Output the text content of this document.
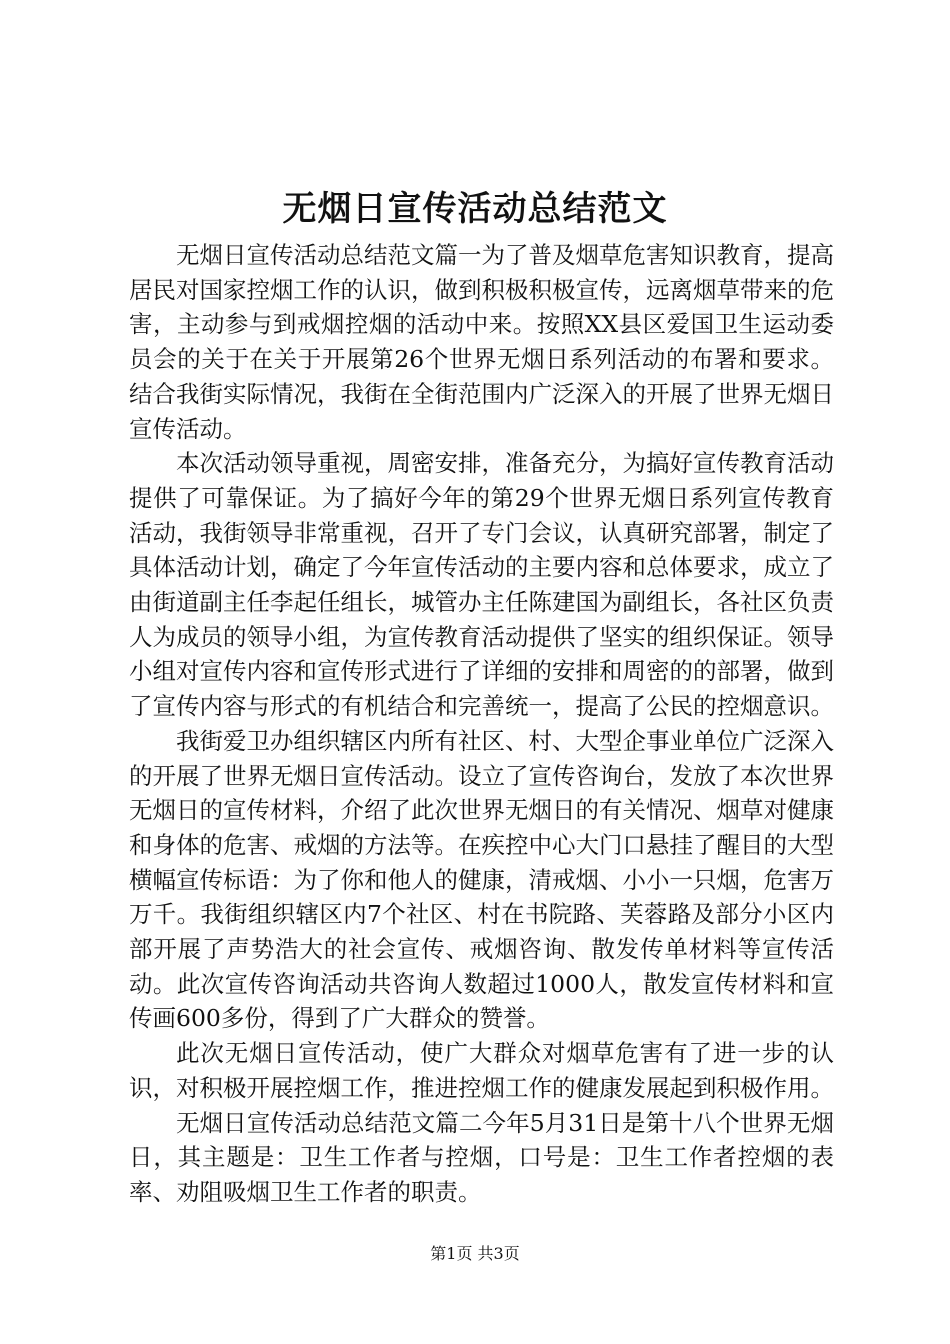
无烟日宣传活动总结范文

无烟日宣传活动总结范文篇一为了普及烟草危害知识教育，提高居民对国家控烟工作的认识，做到积极积极宣传，远离烟草带来的危害，主动参与到戒烟控烟的活动中来。按照XX县区爱国卫生运动委员会的关于在关于开展第26个世界无烟日系列活动的布署和要求。结合我街实际情况，我街在全街范围内广泛深入的开展了世界无烟日宣传活动。

本次活动领导重视，周密安排，准备充分，为搞好宣传教育活动提供了可靠保证。为了搞好今年的第29个世界无烟日系列宣传教育活动，我街领导非常重视，召开了专门会议，认真研究部署，制定了具体活动计划，确定了今年宣传活动的主要内容和总体要求，成立了由街道副主任李起任组长，城管办主任陈建国为副组长，各社区负责人为成员的领导小组，为宣传教育活动提供了坚实的组织保证。领导小组对宣传内容和宣传形式进行了详细的安排和周密的的部署，做到了宣传内容与形式的有机结合和完善统一，提高了公民的控烟意识。

我街爱卫办组织辖区内所有社区、村、大型企事业单位广泛深入的开展了世界无烟日宣传活动。设立了宣传咨询台，发放了本次世界无烟日的宣传材料，介绍了此次世界无烟日的有关情况、烟草对健康和身体的危害、戒烟的方法等。在疾控中心大门口悬挂了醒目的大型横幅宣传标语：为了你和他人的健康，清戒烟、小小一只烟，危害万万千。我街组织辖区内7个社区、村在书院路、芙蓉路及部分小区内部开展了声势浩大的社会宣传、戒烟咨询、散发传单材料等宣传活动。此次宣传咨询活动共咨询人数超过1000人，散发宣传材料和宣传画600多份，得到了广大群众的赞誉。

此次无烟日宣传活动，使广大群众对烟草危害有了进一步的认识，对积极开展控烟工作，推进控烟工作的健康发展起到积极作用。

无烟日宣传活动总结范文篇二今年5月31日是第十八个世界无烟日，其主题是：卫生工作者与控烟，口号是：卫生工作者控烟的表率、劝阻吸烟卫生工作者的职责。

第1页 共3页
